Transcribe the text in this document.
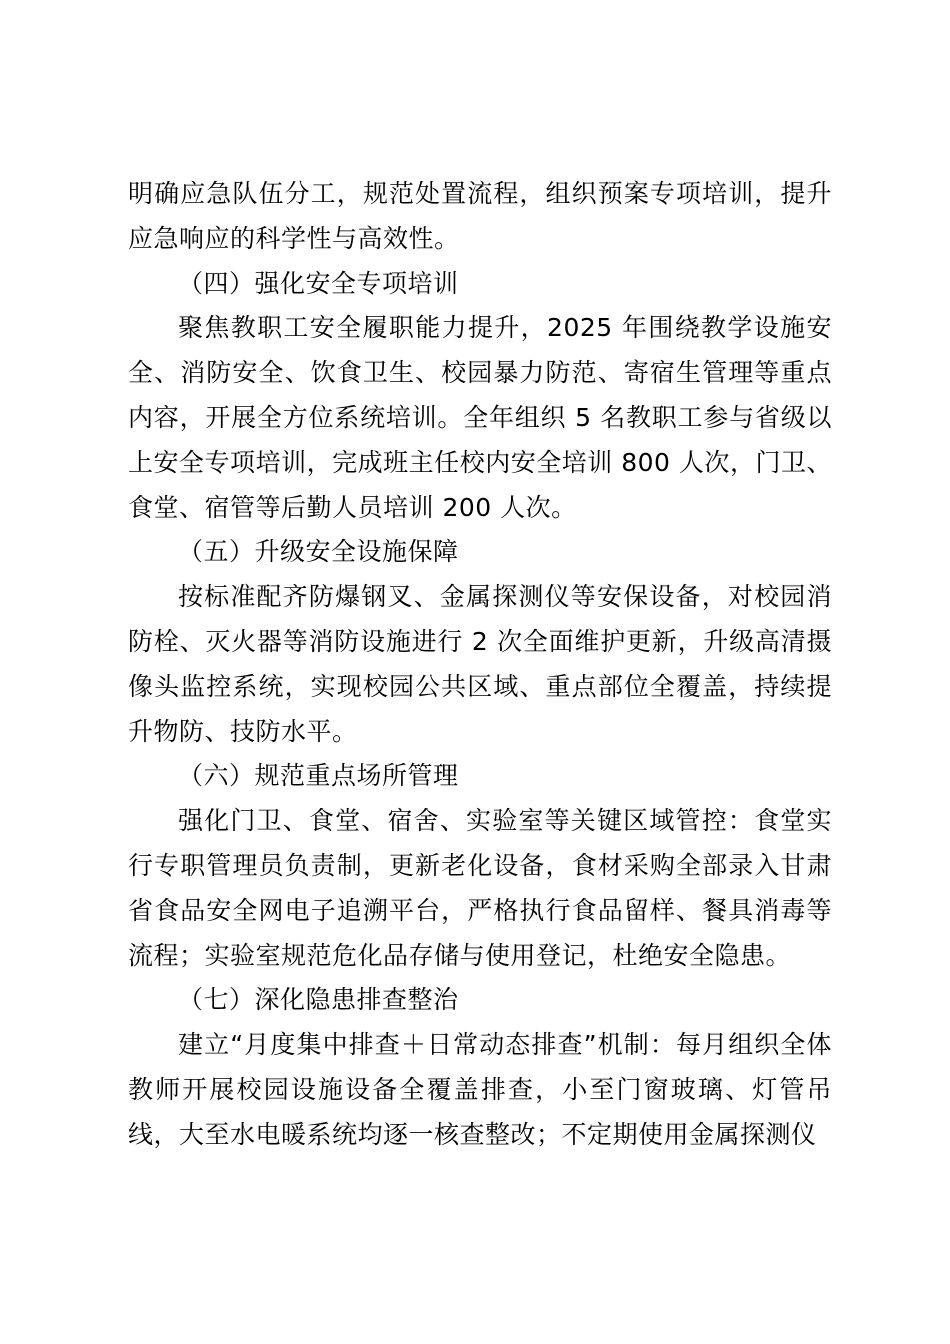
明确应急队伍分工，规范处置流程，组织预案专项培训，提升应急响应的科学性与高效性。

（四）强化安全专项培训

聚焦教职工安全履职能力提升，2025 年围绕教学设施安全、消防安全、饮食卫生、校园暴力防范、寄宿生管理等重点内容，开展全方位系统培训。全年组织 5 名教职工参与省级以上安全专项培训，完成班主任校内安全培训 800 人次，门卫、食堂、宿管等后勤人员培训 200 人次。

（五）升级安全设施保障

按标准配齐防爆钢叉、金属探测仪等安保设备，对校园消防栓、灭火器等消防设施进行 2 次全面维护更新，升级高清摄像头监控系统，实现校园公共区域、重点部位全覆盖，持续提升物防、技防水平。

（六）规范重点场所管理

强化门卫、食堂、宿舍、实验室等关键区域管控：食堂实行专职管理员负责制，更新老化设备，食材采购全部录入甘肃省食品安全网电子追溯平台，严格执行食品留样、餐具消毒等流程；实验室规范危化品存储与使用登记，杜绝安全隐患。

（七）深化隐患排查整治

建立“月度集中排查＋日常动态排查”机制：每月组织全体教师开展校园设施设备全覆盖排查，小至门窗玻璃、灯管吊线，大至水电暖系统均逐一核查整改；不定期使用金属探测仪
